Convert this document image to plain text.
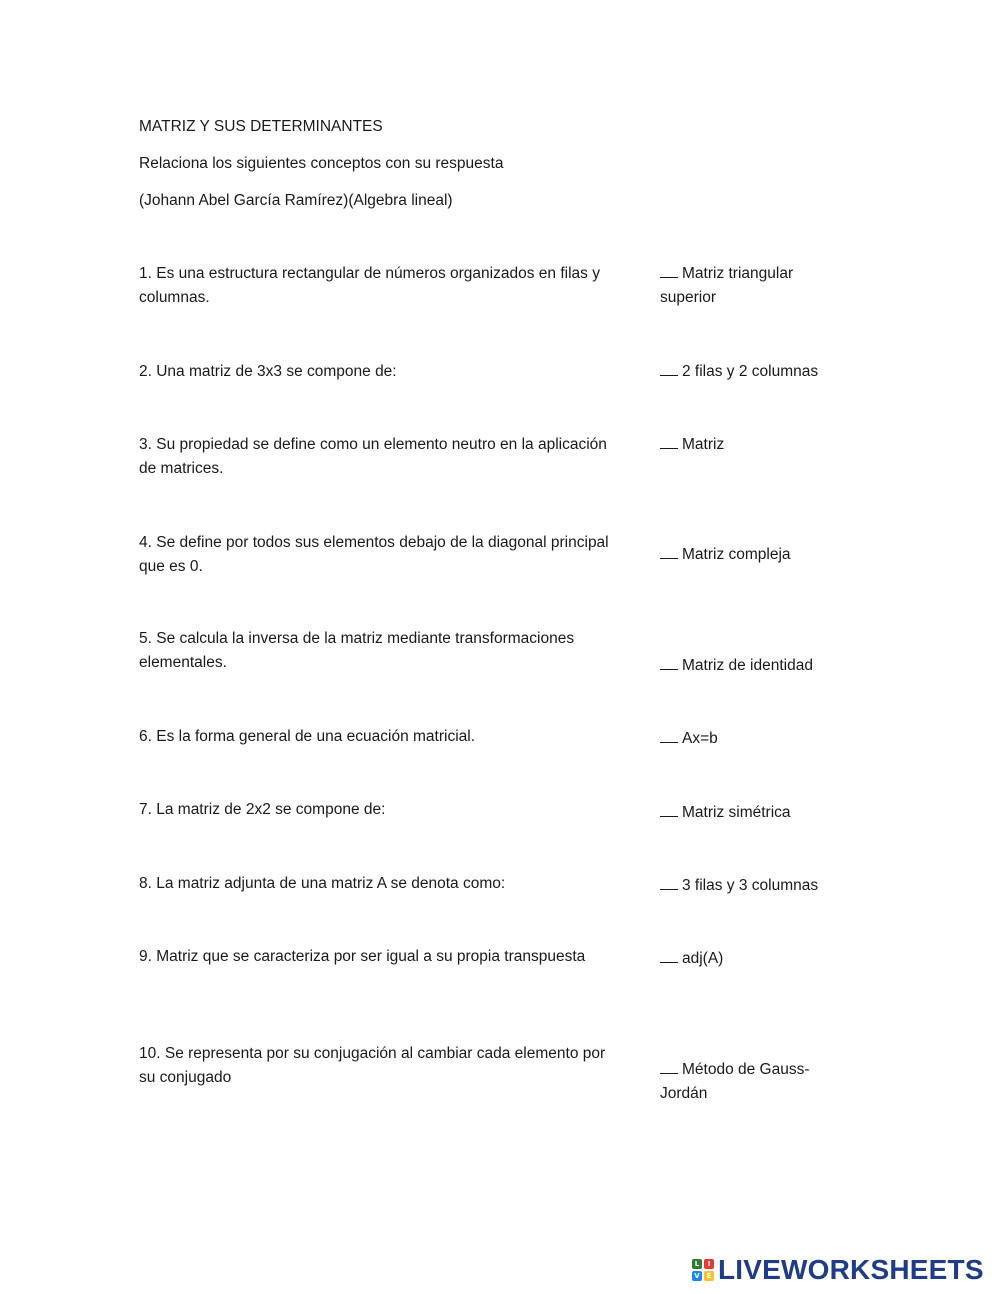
MATRIZ Y SUS DETERMINANTES
Relaciona los siguientes conceptos con su respuesta
(Johann Abel García Ramírez)(Algebra lineal)
1. Es una estructura rectangular de números organizados en filas y columnas.
2. Una matriz de 3x3 se compone de:
3. Su propiedad se define como un elemento neutro en la aplicación de matrices.
4. Se define por todos sus elementos debajo de la diagonal principal que es 0.
5. Se calcula la inversa de la matriz mediante transformaciones elementales.
6. Es la forma general de una ecuación matricial.
7. La matriz de 2x2 se compone de:
8. La matriz adjunta de una matriz A se denota como:
9. Matriz que se caracteriza por ser igual a su propia transpuesta
10. Se representa por su conjugación al cambiar cada elemento por su conjugado
Matriz triangular superior
2 filas y 2 columnas
Matriz
Matriz compleja
Matriz de identidad
Ax=b
Matriz simétrica
3 filas y 3 columnas
adj(A)
Método de Gauss-Jordán
L	I
V E LIVEWORKSHEETS
